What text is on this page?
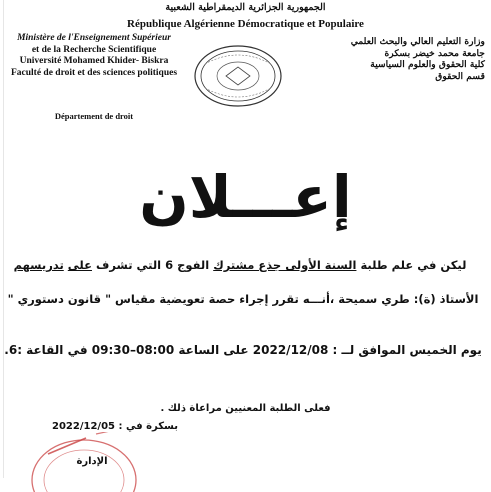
الجمهورية الجزائرية الديمقراطية الشعبية
République Algérienne Démocratique et Populaire
Ministère de l'Enseignement Supérieur
et de la Recherche Scientifique
Université Mohamed Khider- Biskra
Faculté de droit et des sciences politiques
Département de droit
وزارة التعليم العالي والبحث العلمي
جامعة محمد خيضر بسكرة
كلية الحقوق والعلوم السياسية
قسم الحقوق
إعـــلان
ليكن في علم طلبة السنة الأولى جذع مشترك الفوج 6 التي تشرف على تدريسهم
الأستاذ (ة): طري سميحة ،أنـــه تقرر إجراء حصة تعويضية مقياس " قانون دستوري "
يوم الخميس الموافق لــ : 2022/12/08 على الساعة 08:00–09:30 في القاعة :6.
فعلى الطلبة المعنيين مراعاة ذلك .
بسكرة في : 2022/12/05
الإدارة
